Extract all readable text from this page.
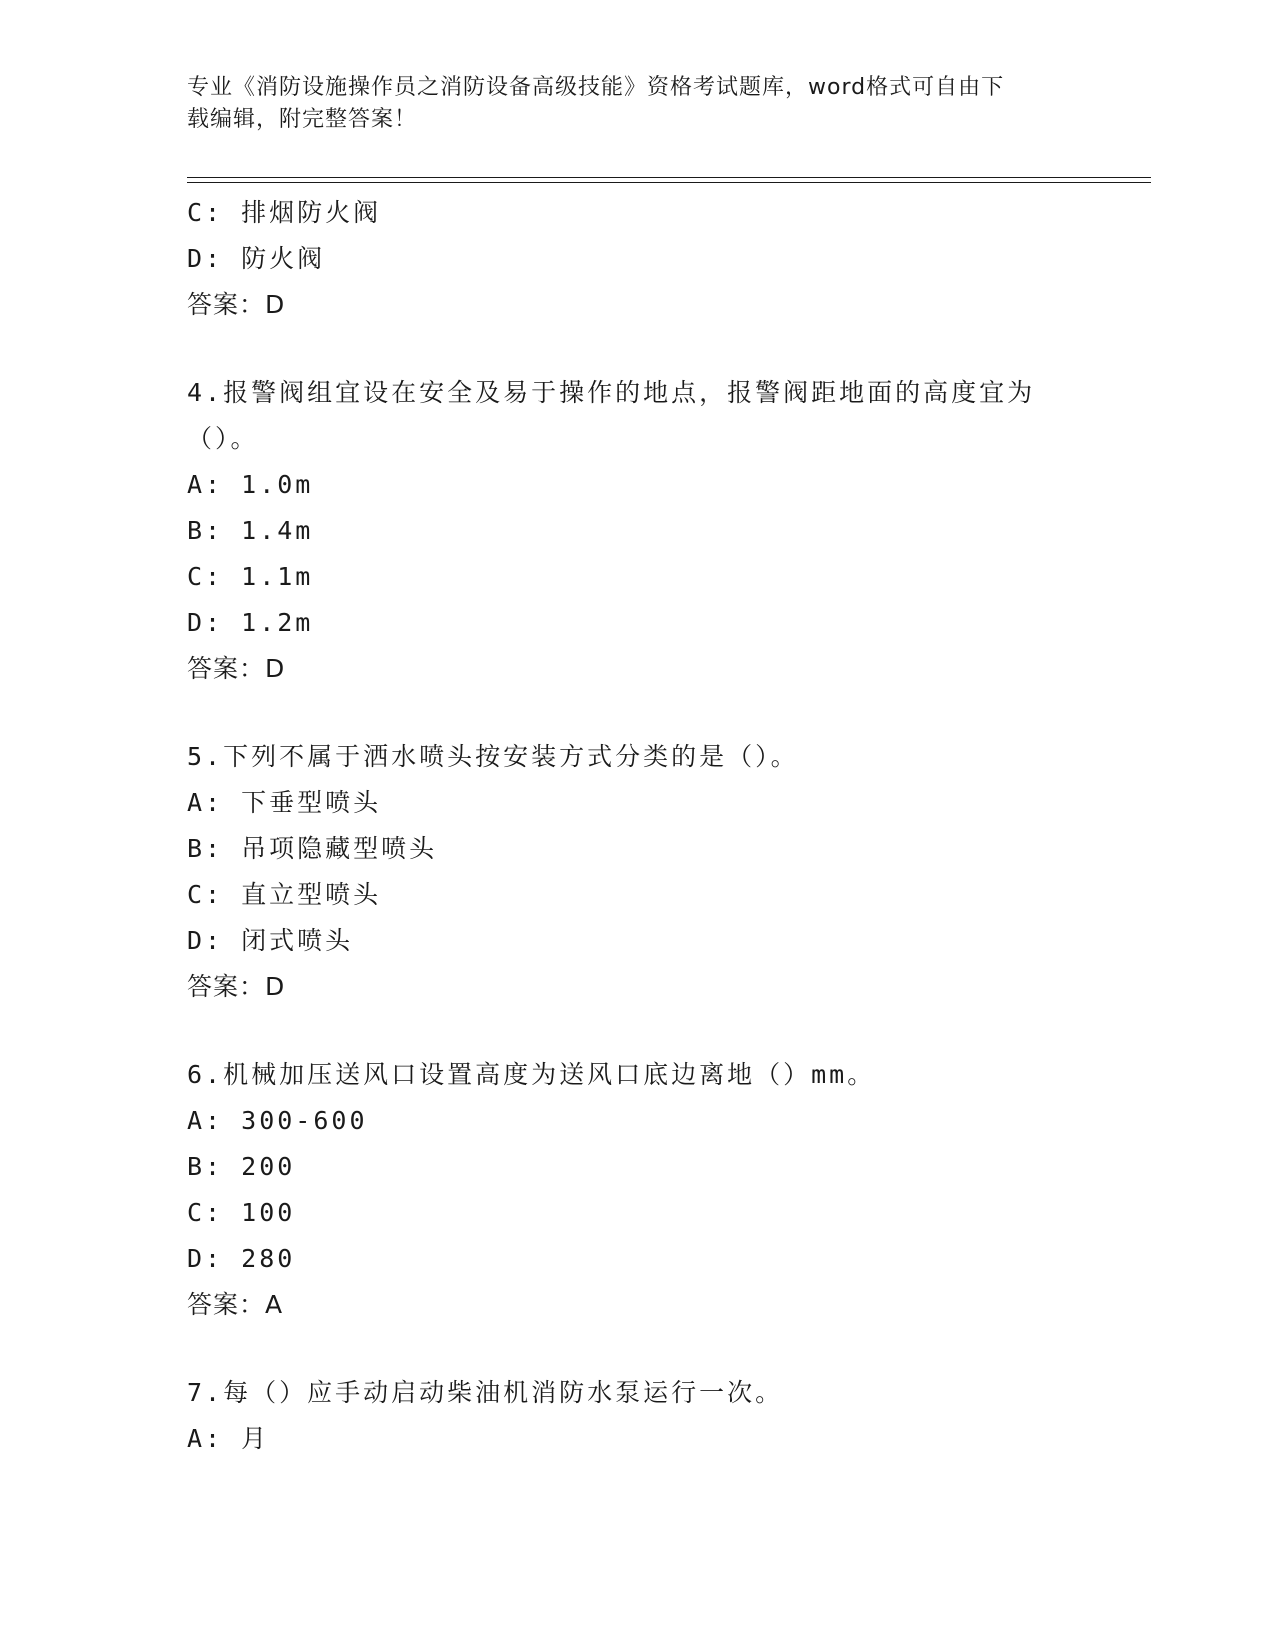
专业《消防设施操作员之消防设备高级技能》资格考试题库，word格式可自由下
载编辑，附完整答案！
C: 排烟防火阀
D: 防火阀
答案：D
4.报警阀组宜设在安全及易于操作的地点，报警阀距地面的高度宜为
（）。
A: 1.0m
B: 1.4m
C: 1.1m
D: 1.2m
答案：D
5.下列不属于洒水喷头按安装方式分类的是（）。
A: 下垂型喷头
B: 吊项隐藏型喷头
C: 直立型喷头
D: 闭式喷头
答案：D
6.机械加压送风口设置高度为送风口底边离地（）mm。
A: 300-600
B: 200
C: 100
D: 280
答案：A
7.每（）应手动启动柴油机消防水泵运行一次。
A: 月
